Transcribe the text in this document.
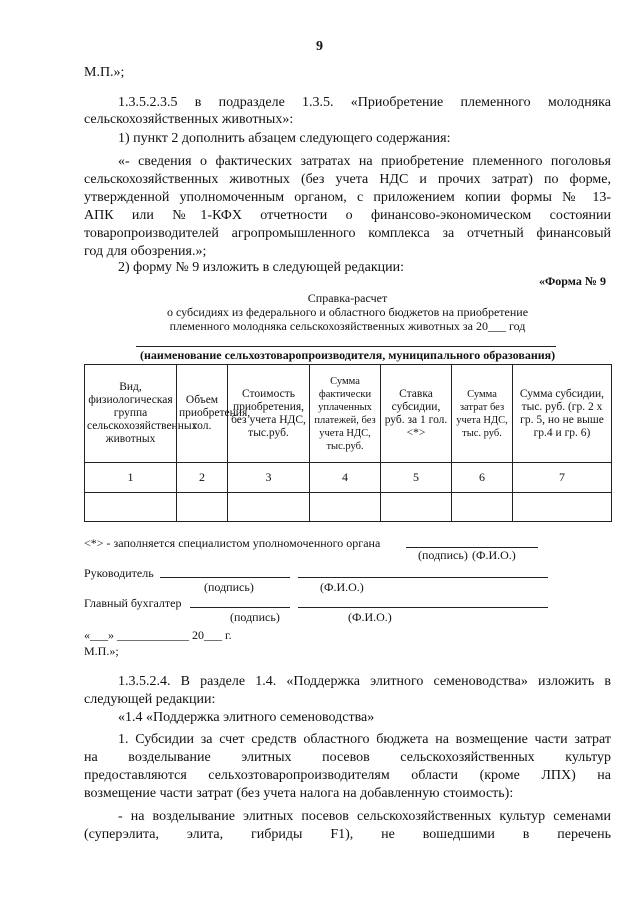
9
М.П.»;
1.3.5.2.3.5 в подразделе 1.3.5. «Приобретение племенного молодняка
сельскохозяйственных животных»:
1) пункт 2 дополнить абзацем следующего содержания:
«- сведения о фактических затратах на приобретение племенного поголовья
сельскохозяйственных животных (без учета НДС и прочих затрат) по форме,
утвержденной уполномоченным органом, с приложением копии формы № 13-
АПК или №1-КФХ отчетности о финансово-экономическом состоянии
товаропроизводителей агропромышленного комплекса за отчетный финансовый
год для обозрения.»;
2) форму № 9 изложить в следующей редакции:
«Форма № 9
Справка-расчет
о субсидиях из федерального и областного бюджетов на приобретение
племенного молодняка сельскохозяйственных животных за 20___ год
(наименование сельхозтоваропроизводителя, муниципального образования)
Вид, физиологическая группа сельскохозяйственных животных	Объем приобретения, гол.	Стоимость приобретения, без учета НДС, тыс.руб.	Сумма фактически уплаченных платежей, без учета НДС, тыс.руб.	Ставка субсидии, руб. за 1 гол. <*>	Сумма затрат без учета НДС, тыс. руб.	Сумма субсидии, тыс. руб. (гр. 2 х гр. 5, но не выше гр.4 и гр. 6)
1	2	3	4	5	6	7

<*> - заполняется специалистом уполномоченного органа
(подпись) (Ф.И.О.)
Руководитель
(подпись)	(Ф.И.О.)
Главный бухгалтер
(подпись)	(Ф.И.О.)
«___» ____________ 20___ г.
М.П.»;
1.3.5.2.4. В разделе 1.4. «Поддержка элитного семеноводства» изложить в
следующей редакции:
«1.4 «Поддержка элитного семеноводства»
1. Субсидии за счет средств областного бюджета на возмещение части затрат
на возделывание элитных посевов сельскохозяйственных культур
предоставляются сельхозтоваропроизводителям области (кроме ЛПХ) на
возмещение части затрат (без учета налога на добавленную стоимость):
- на возделывание элитных посевов сельскохозяйственных культур семенами
(суперэлита, элита, гибриды F1), не вошедшими в перечень
